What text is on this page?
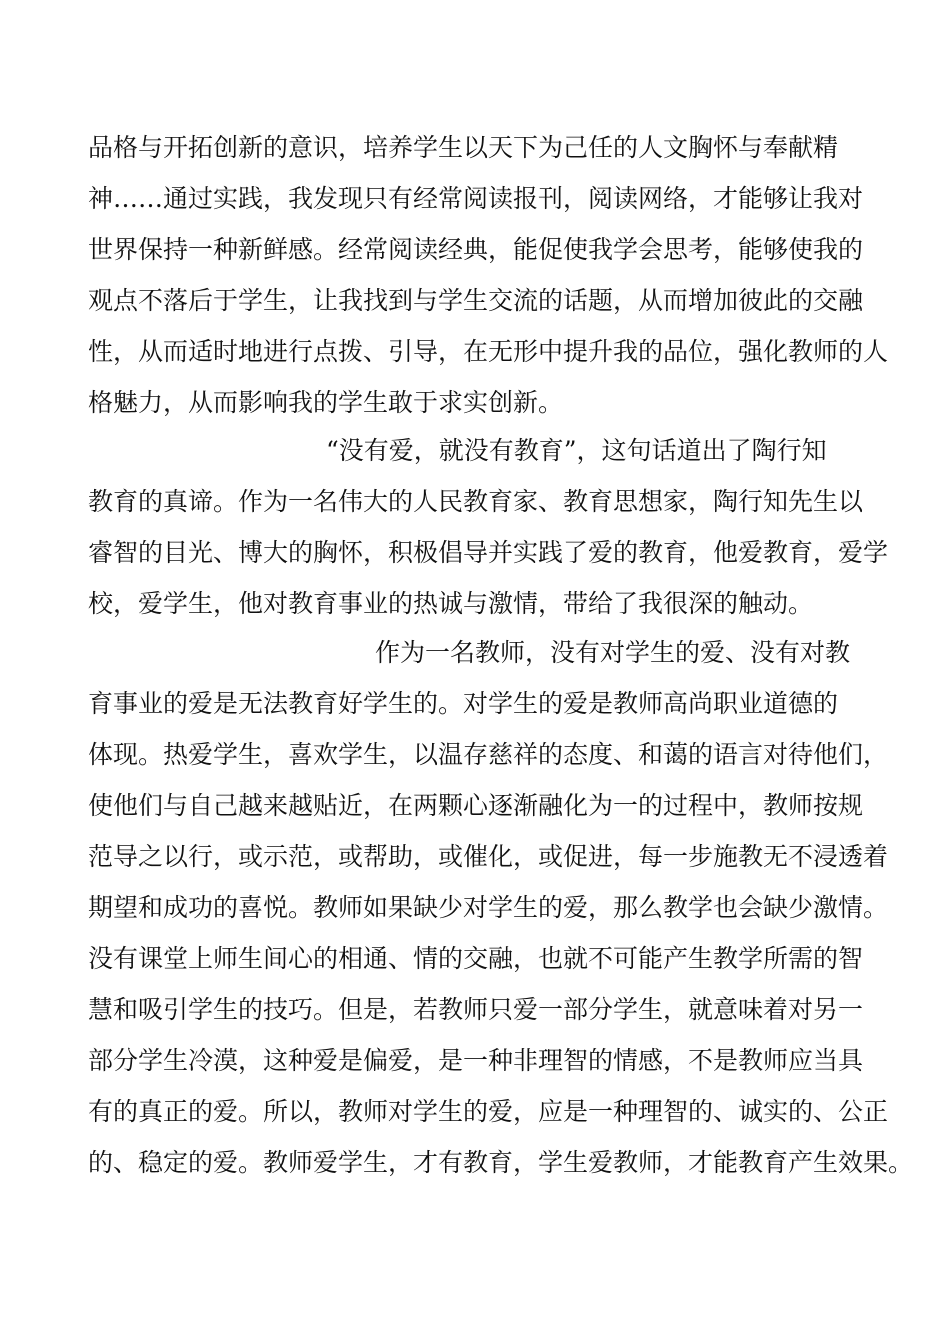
品格与开拓创新的意识，培养学生以天下为己任的人文胸怀与奉献精

神……通过实践，我发现只有经常阅读报刊，阅读网络，才能够让我对

世界保持一种新鲜感。经常阅读经典，能促使我学会思考，能够使我的

观点不落后于学生，让我找到与学生交流的话题，从而增加彼此的交融

性，从而适时地进行点拨、引导，在无形中提升我的品位，强化教师的人

格魅力，从而影响我的学生敢于求实创新。

“没有爱，就没有教育”，这句话道出了陶行知

教育的真谛。作为一名伟大的人民教育家、教育思想家，陶行知先生以

睿智的目光、博大的胸怀，积极倡导并实践了爱的教育，他爱教育，爱学

校，爱学生，他对教育事业的热诚与激情，带给了我很深的触动。

作为一名教师，没有对学生的爱、没有对教

育事业的爱是无法教育好学生的。对学生的爱是教师高尚职业道德的

体现。热爱学生，喜欢学生，以温存慈祥的态度、和蔼的语言对待他们，

使他们与自己越来越贴近，在两颗心逐渐融化为一的过程中，教师按规

范导之以行，或示范，或帮助，或催化，或促进，每一步施教无不浸透着

期望和成功的喜悦。教师如果缺少对学生的爱，那么教学也会缺少激情。

没有课堂上师生间心的相通、情的交融，也就不可能产生教学所需的智

慧和吸引学生的技巧。但是，若教师只爱一部分学生，就意味着对另一

部分学生冷漠，这种爱是偏爱，是一种非理智的情感，不是教师应当具

有的真正的爱。所以，教师对学生的爱，应是一种理智的、诚实的、公正

的、稳定的爱。教师爱学生，才有教育，学生爱教师，才能教育产生效果。
